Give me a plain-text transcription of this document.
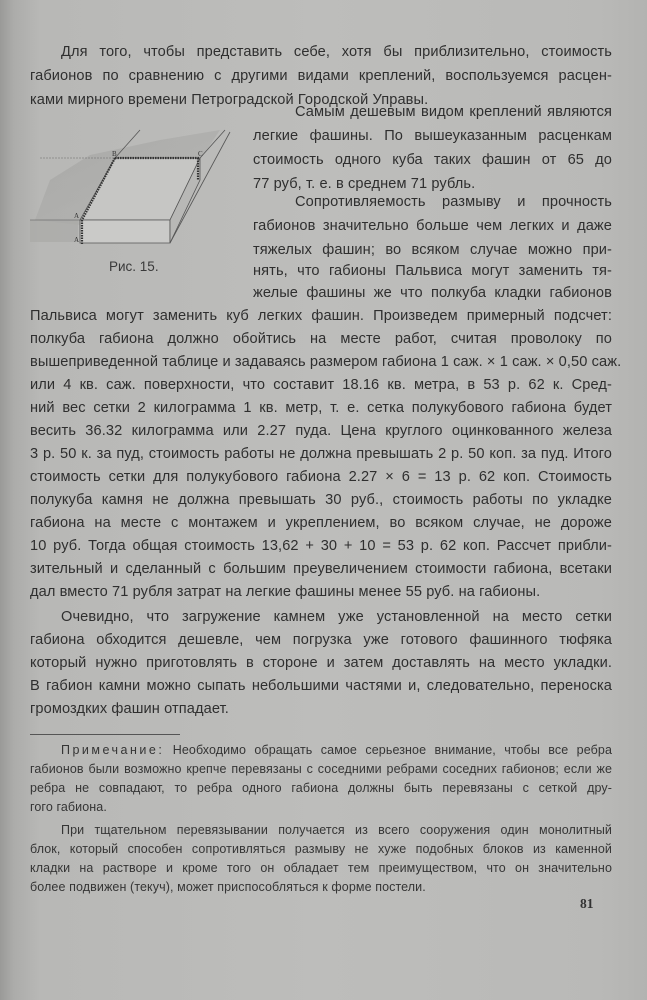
Для того, чтобы представить себе, хотя бы приблизительно, стоимость
габионов по сравнению с другими видами креплений, воспользуемся расцен-
ками мирного времени Петроградской Городской Управы.
A
A
B	C
Рис. 15.
Самым дешевым видом креплений являются
легкие фашины. По вышеуказанным расценкам
стоимость одного куба таких фашин от 65 до
77 руб, т. е. в среднем 71 рубль.
Сопротивляемость размыву и прочность
габионов значительно больше чем легких и даже
тяжелых фашин; во всяком случае можно при-
нять, что габионы Пальвиса могут заменить тя-
желые фашины же что полкуба кладки габионов
Пальвиса могут заменить куб легких фашин. Произведем примерный подсчет:
полкуба габиона должно обойтись на месте работ, считая проволоку по
вышеприведенной таблице и задаваясь размером габиона 1 саж. × 1 саж. × 0,50 саж.
или 4 кв. саж. поверхности, что составит 18.16 кв. метра, в 53 р. 62 к. Сред-
ний вес сетки 2 килограмма 1 кв. метр, т. е. сетка полукубового габиона будет
весить 36.32 килограмма или 2.27 пуда. Цена круглого оцинкованного железа
3 р. 50 к. за пуд, стоимость работы не должна превышать 2 р. 50 коп. за пуд. Итого
стоимость сетки для полукубового габиона 2.27 × 6 = 13 р. 62 коп. Стоимость
полукуба камня не должна превышать 30 руб., стоимость работы по укладке
габиона на месте с монтажем и укреплением, во всяком случае, не дороже
10 руб. Тогда общая стоимость 13,62 + 30 + 10 = 53 р. 62 коп. Рассчет прибли-
зительный и сделанный с большим преувеличением стоимости габиона, всетаки
дал вместо 71 рубля затрат на легкие фашины менее 55 руб. на габионы.
Очевидно, что загружение камнем уже установленной на место сетки
габиона обходится дешевле, чем погрузка уже готового фашинного тюфяка
который нужно приготовлять в стороне и затем доставлять на место укладки.
В габион камни можно сыпать небольшими частями и, следовательно, переноска
громоздких фашин отпадает.
Примечание: Необходимо обращать самое серьезное внимание, чтобы все ребра
габионов были возможно крепче перевязаны с соседними ребрами соседних габионов; если же
ребра не совпадают, то ребра одного габиона должны быть перевязаны с сеткой дру-
гого габиона.
При тщательном перевязывании получается из всего сооружения один монолитный
блок, который способен сопротивляться размыву не хуже подобных блоков из каменной
кладки на растворе и кроме того он обладает тем преимуществом, что он значительно
более подвижен (текуч), может приспособляться к форме постели.
81
